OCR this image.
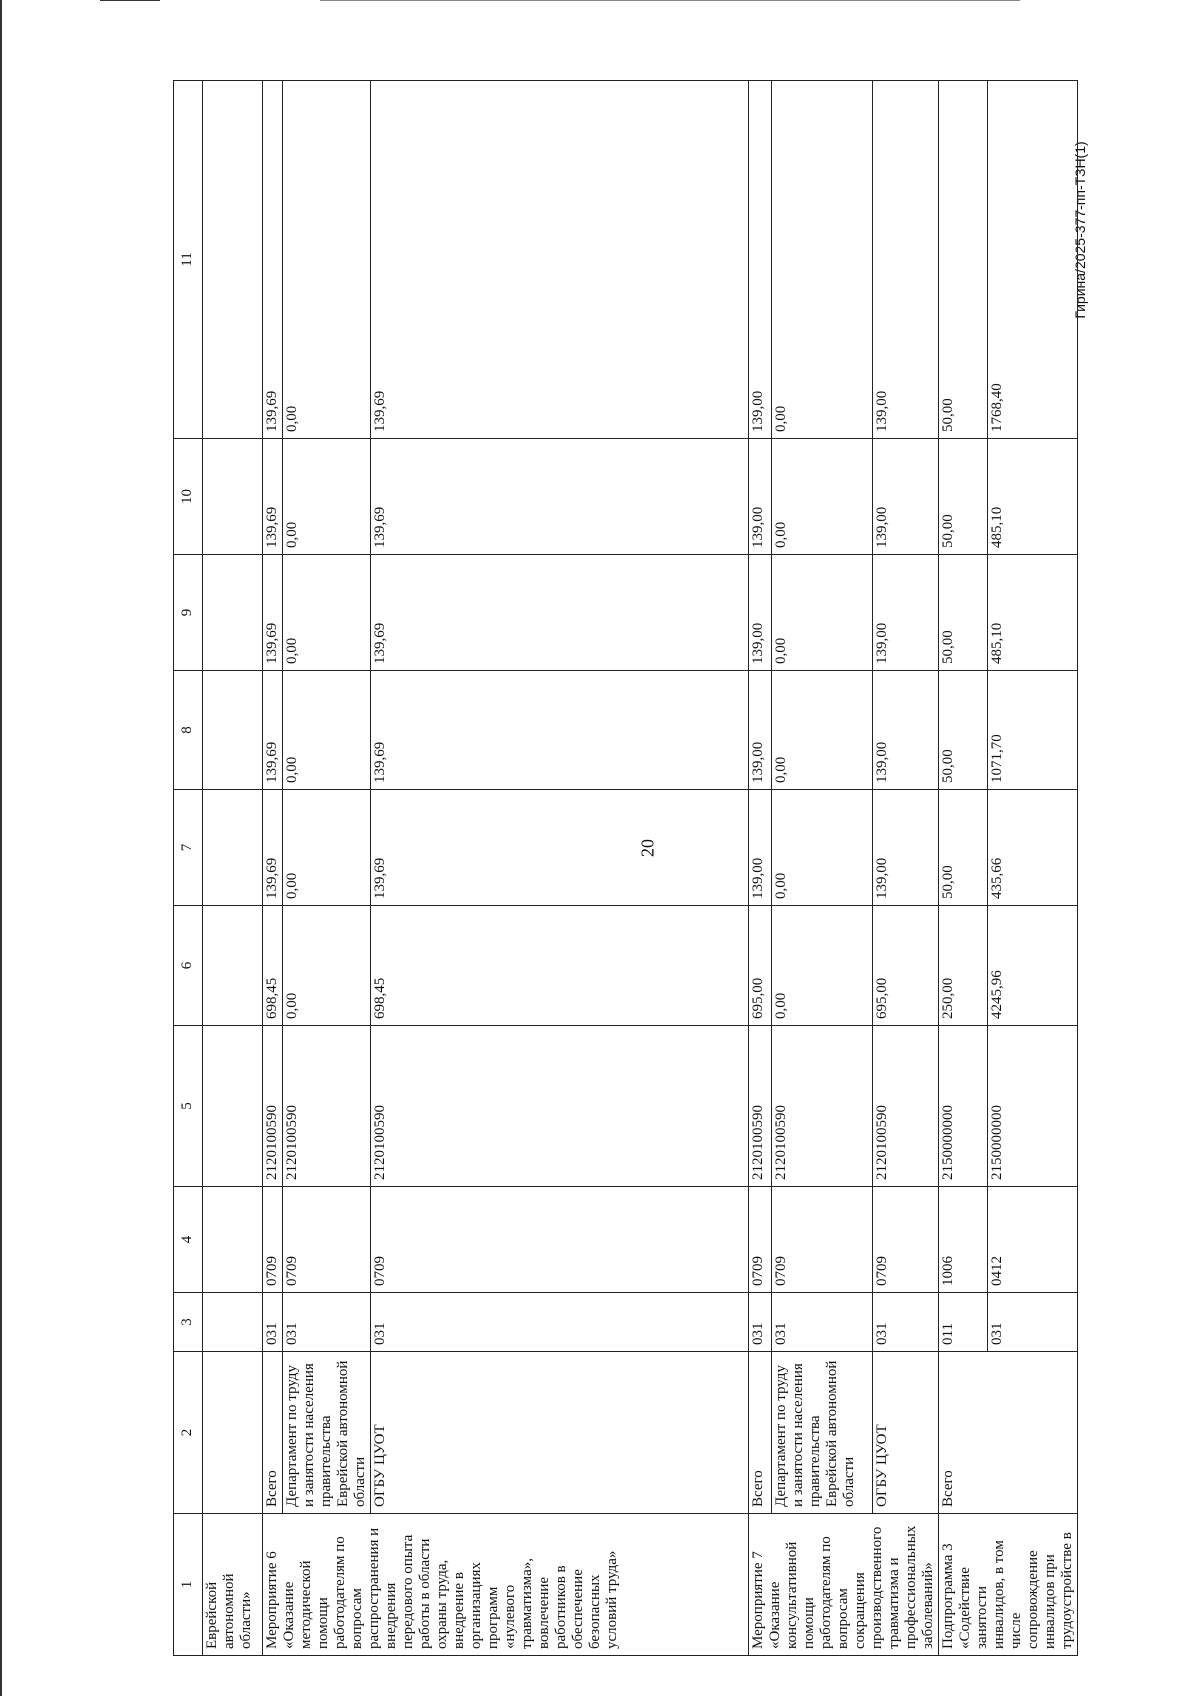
20
Гирина/2025-377-пп-ТЗН(1)
1	2	3	4	5	6	7	8	9	10	11
Еврейской автономной области»										
Мероприятие 6 «Оказание методической помощи работодателям по вопросам распространения и внедрения передового опыта работы в области охраны труда, внедрение в организациях программ «нулевого травматизма», вовлечение работников в обеспечение безопасных условий труда»	Всего	031	0709	2120100590	698,45	139,69	139,69	139,69	139,69	139,69
	Департамент по труду и занятости населения правительства Еврейской автономной области	031	0709	2120100590	0,00	0,00	0,00	0,00	0,00	0,00
	ОГБУ ЦУОТ	031	0709	2120100590	698,45	139,69	139,69	139,69	139,69	139,69
Мероприятие 7 «Оказание консультативной помощи работодателям по вопросам сокращения производственного травматизма и профессиональных заболеваний»	Всего	031	0709	2120100590	695,00	139,00	139,00	139,00	139,00	139,00
	Департамент по труду и занятости населения правительства Еврейской автономной области	031	0709	2120100590	0,00	0,00	0,00	0,00	0,00	0,00
	ОГБУ ЦУОТ	031	0709	2120100590	695,00	139,00	139,00	139,00	139,00	139,00
Подпрограмма 3 «Содействие занятости инвалидов, в том числе сопровождение инвалидов при трудоустройстве в	Всего	011	1006	2150000000	250,00	50,00	50,00	50,00	50,00	50,00
		031	0412	2150000000	4245,96	435,66	1071,70	485,10	485,10	1768,40
